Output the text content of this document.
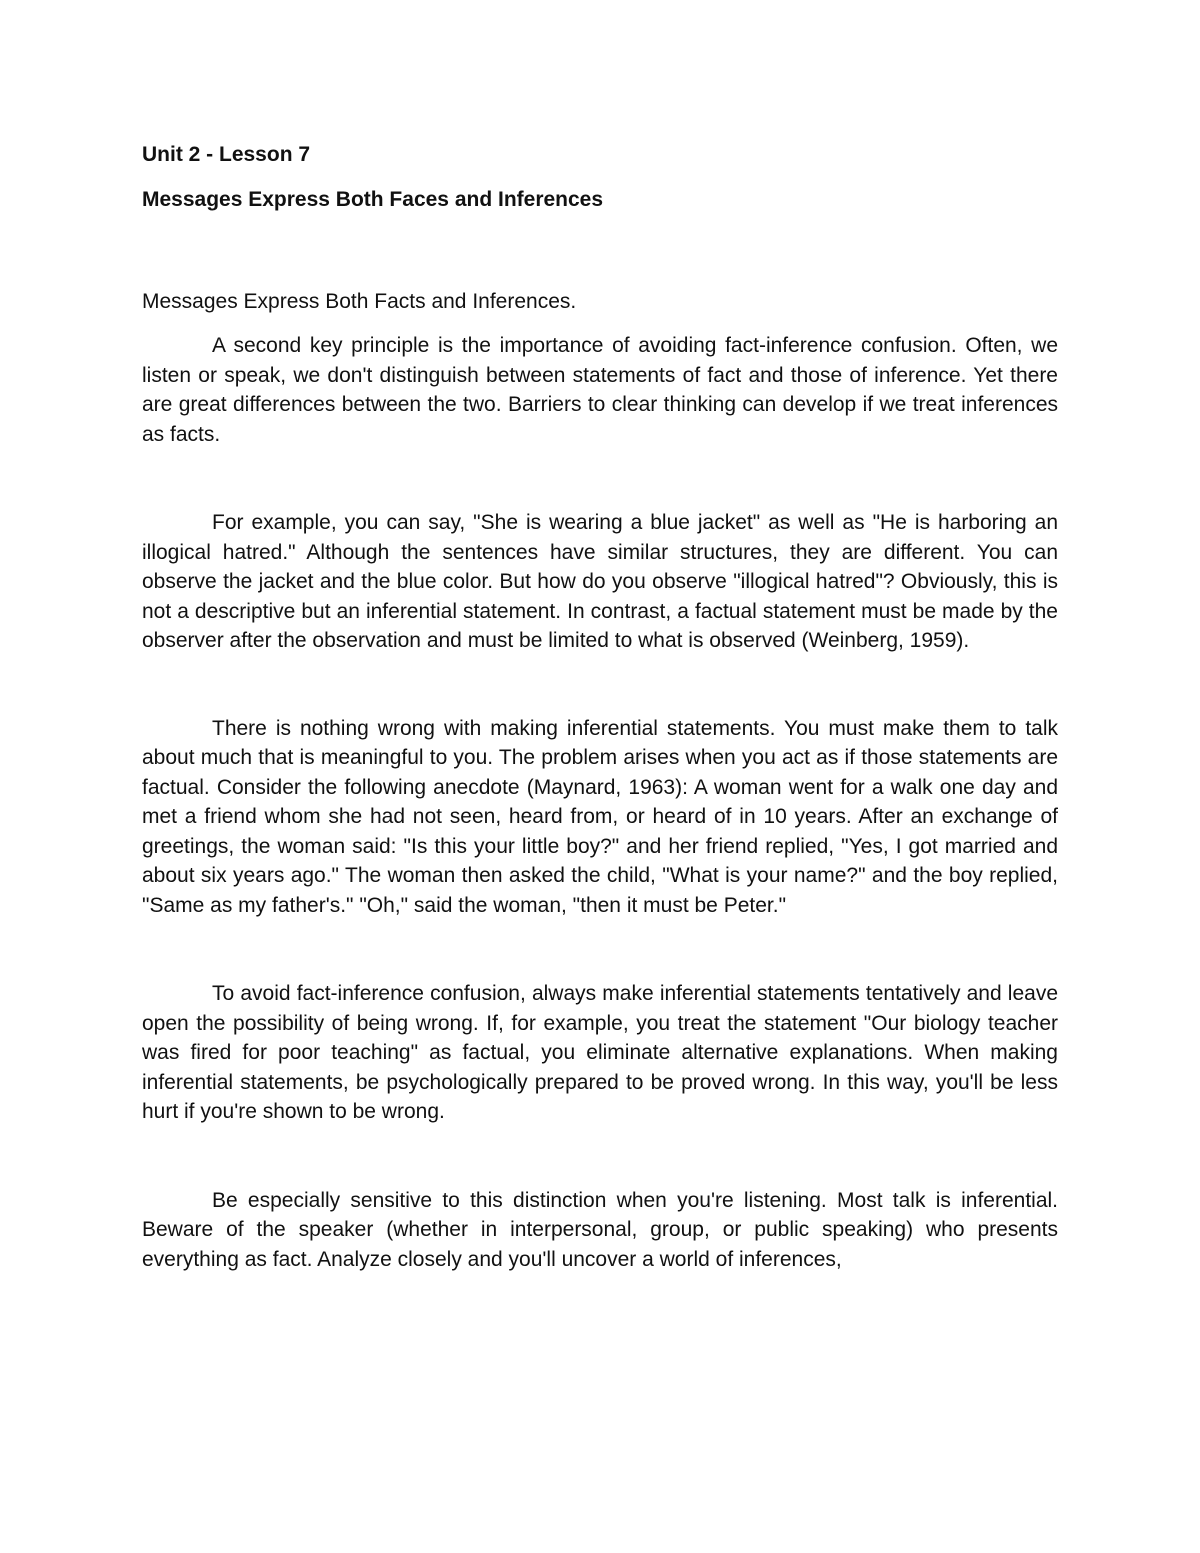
Unit 2 - Lesson 7

Messages Express Both Faces and Inferences

Messages Express Both Facts and Inferences.

A second key principle is the importance of avoiding fact-inference confusion. Often, we listen or speak, we don't distinguish between statements of fact and those of inference. Yet there are great differences between the two. Barriers to clear thinking can develop if we treat inferences as facts.

For example, you can say, "She is wearing a blue jacket" as well as "He is harboring an illogical hatred." Although the sentences have similar structures, they are different. You can observe the jacket and the blue color. But how do you observe "illogical hatred"? Obviously, this is not a descriptive but an inferential statement. In contrast, a factual statement must be made by the observer after the observation and must be limited to what is observed (Weinberg, 1959).

There is nothing wrong with making inferential statements. You must make them to talk about much that is meaningful to you. The problem arises when you act as if those statements are factual. Consider the following anecdote (Maynard, 1963): A woman went for a walk one day and met a friend whom she had not seen, heard from, or heard of in 10 years. After an exchange of greetings, the woman said: "Is this your little boy?" and her friend replied, "Yes, I got married and about six years ago." The woman then asked the child, "What is your name?" and the boy replied, "Same as my father's." "Oh," said the woman, "then it must be Peter."

To avoid fact-inference confusion, always make inferential statements tentatively and leave open the possibility of being wrong. If, for example, you treat the statement "Our biology teacher was fired for poor teaching" as factual, you eliminate alternative explanations. When making inferential statements, be psychologically prepared to be proved wrong. In this way, you'll be less hurt if you're shown to be wrong.

Be especially sensitive to this distinction when you're listening. Most talk is inferential. Beware of the speaker (whether in interpersonal, group, or public speaking) who presents everything as fact. Analyze closely and you'll uncover a world of inferences,
